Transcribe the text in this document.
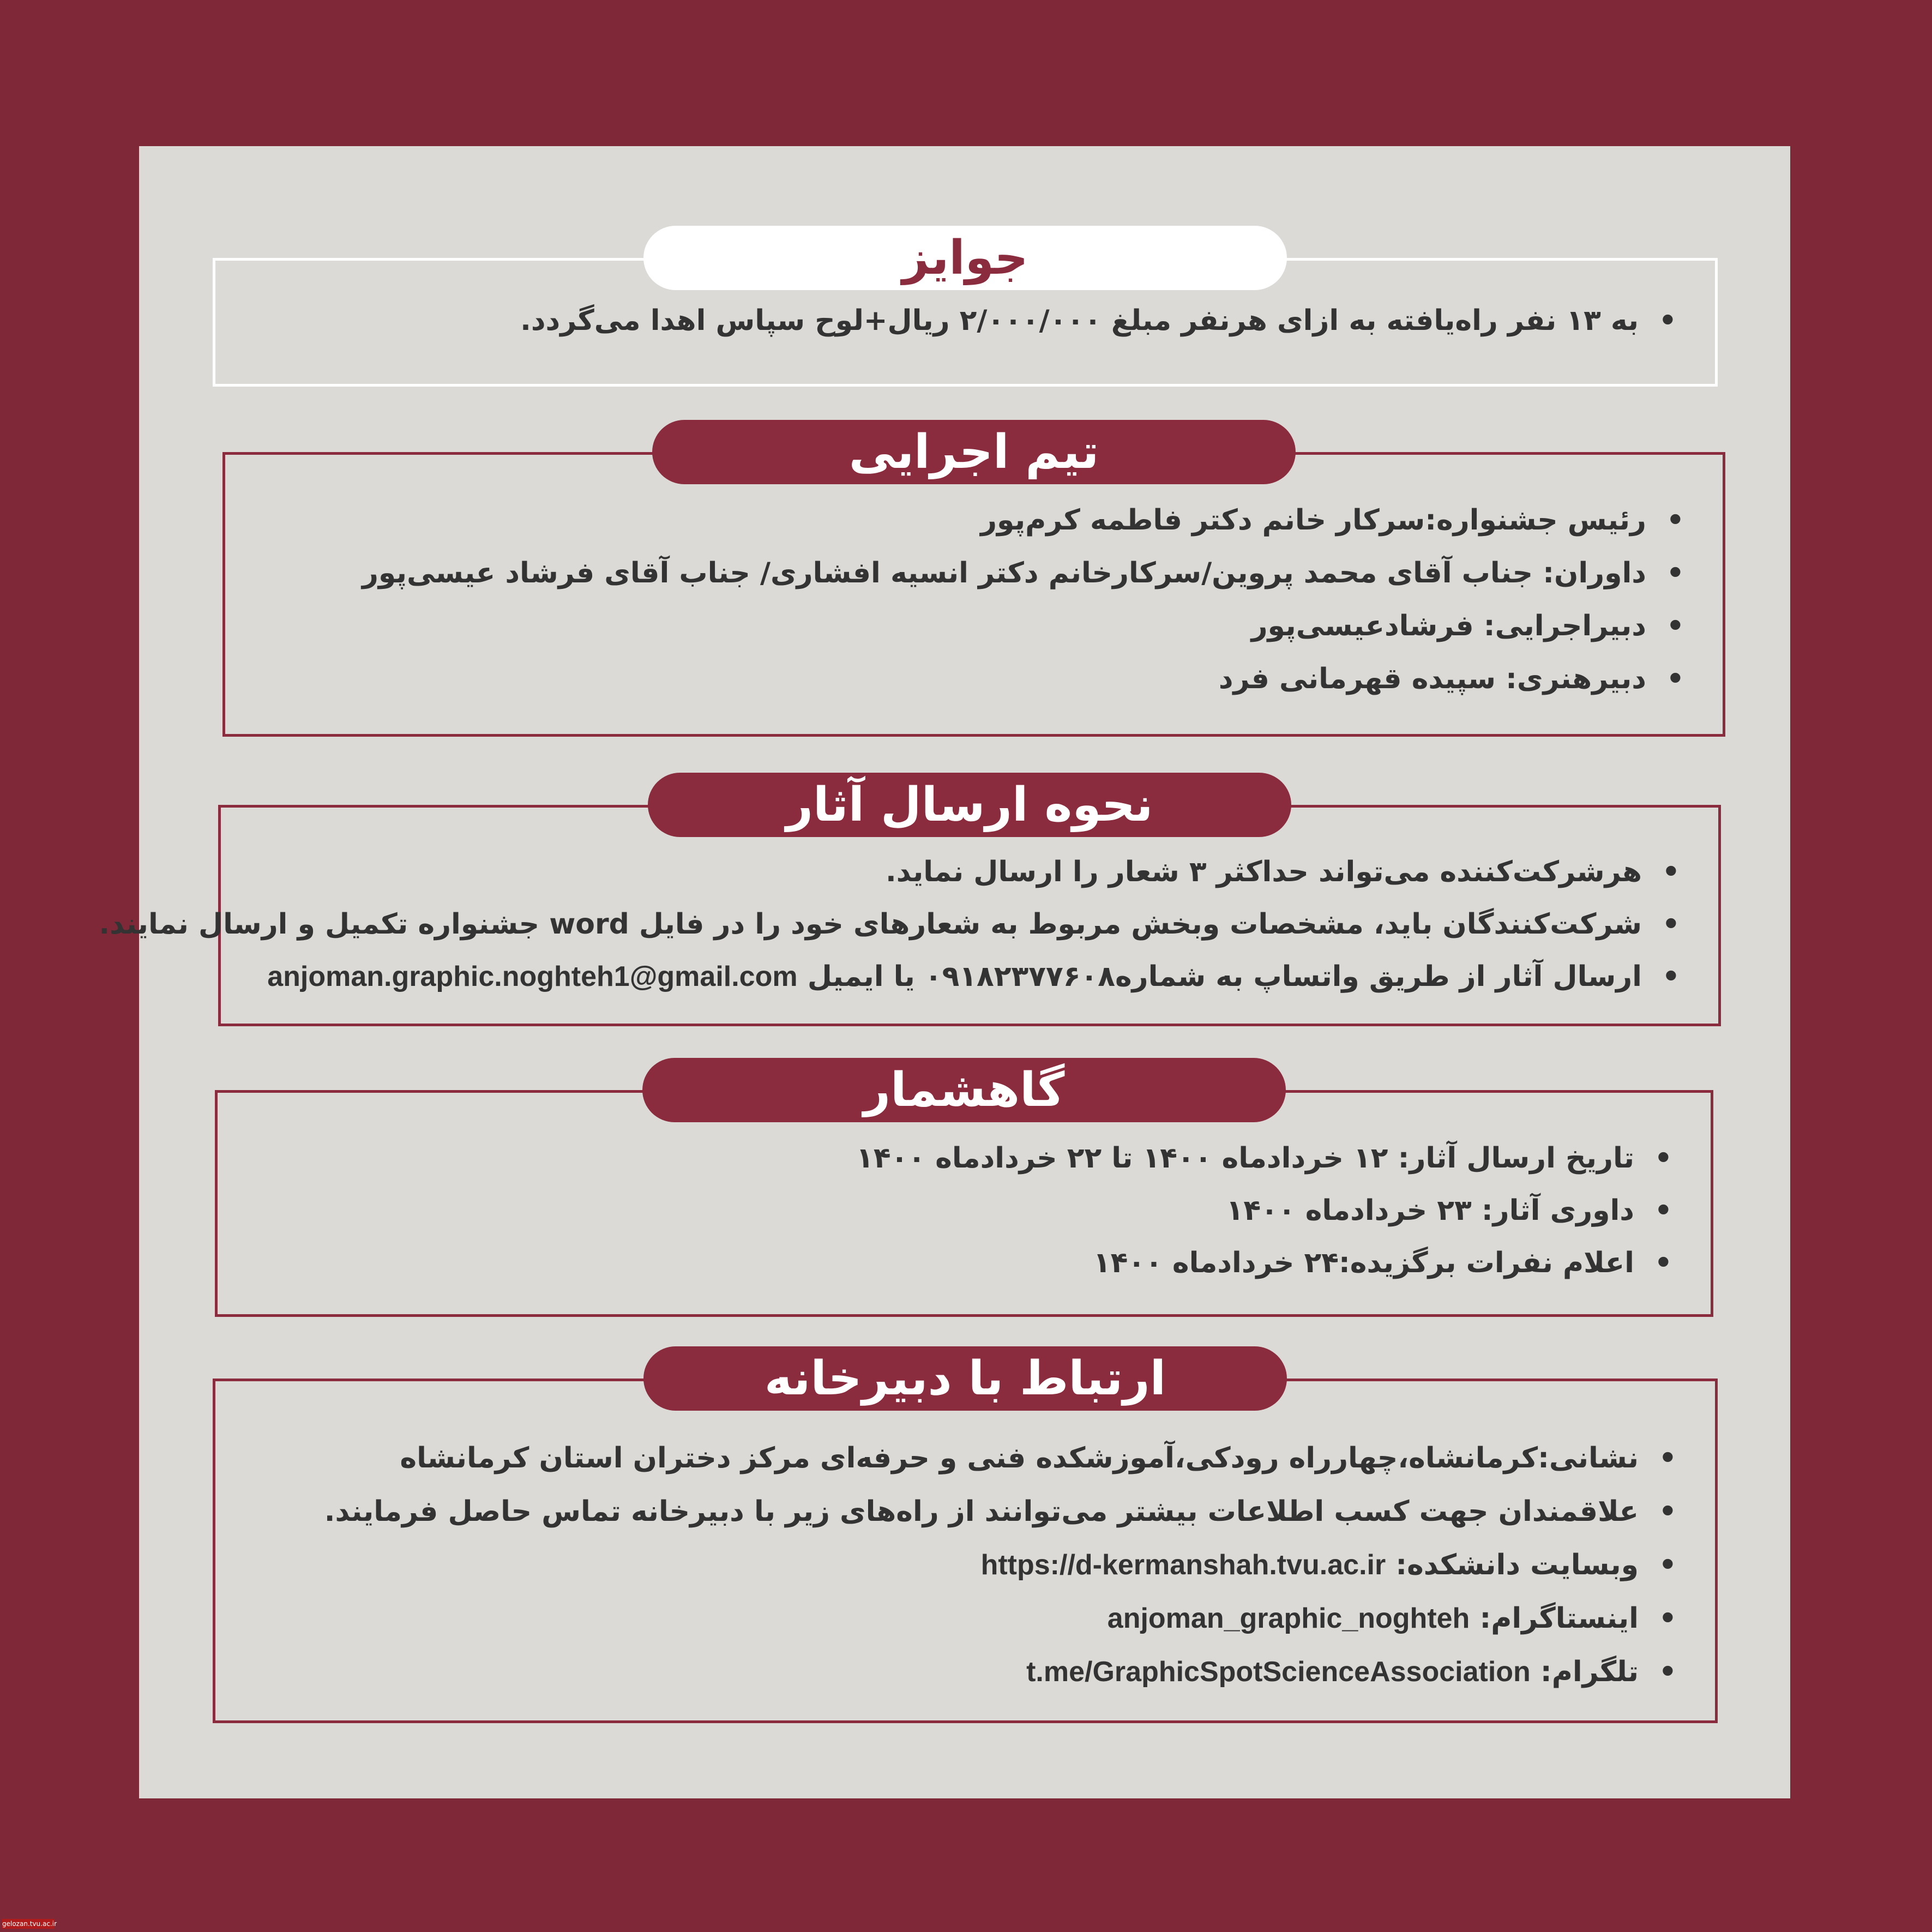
جوایز
• به ۱۳ نفر راه‌یافته به ازای هرنفر مبلغ ۲/۰۰۰/۰۰۰ ریال+لوح سپاس اهدا می‌گردد.
تیم اجرایی
• رئیس جشنواره:سرکار خانم دکتر فاطمه کرم‌پور
• داوران: جناب آقای محمد پروین/سرکارخانم دکتر انسیه افشاری/ جناب آقای فرشاد عیسی‌پور
• دبیراجرایی: فرشادعیسی‌پور
• دبیرهنری: سپیده قهرمانی فرد
نحوه ارسال آثار
• هرشرکت‌کننده می‌تواند حداکثر ۳ شعار را ارسال نماید.
• شرکت‌کنندگان باید، مشخصات وبخش مربوط به شعارهای خود را در فایل word جشنواره تکمیل و ارسال نمایند.
• ارسال آثار از طریق واتساپ به شماره۰۹۱۸۲۳۷۷۶۰۸ یا ایمیل anjoman.graphic.noghteh1@gmail.com
گاهشمار
• تاریخ ارسال آثار: ۱۲ خردادماه ۱۴۰۰ تا ۲۲ خردادماه ۱۴۰۰
• داوری آثار: ۲۳ خردادماه ۱۴۰۰
• اعلام نفرات برگزیده:۲۴ خردادماه ۱۴۰۰
ارتباط با دبیرخانه
• نشانی:کرمانشاه،چهارراه رودکی،آموزشکده فنی و حرفه‌ای مرکز دختران استان کرمانشاه
• علاقمندان جهت کسب اطلاعات بیشتر می‌توانند از راه‌های زیر با دبیرخانه تماس حاصل فرمایند.
• وبسایت دانشکده: https://d-kermanshah.tvu.ac.ir
• اینستاگرام: anjoman_graphic_noghteh
• تلگرام: t.me/GraphicSpotScienceAssociation
gelozan.tvu.ac.ir
